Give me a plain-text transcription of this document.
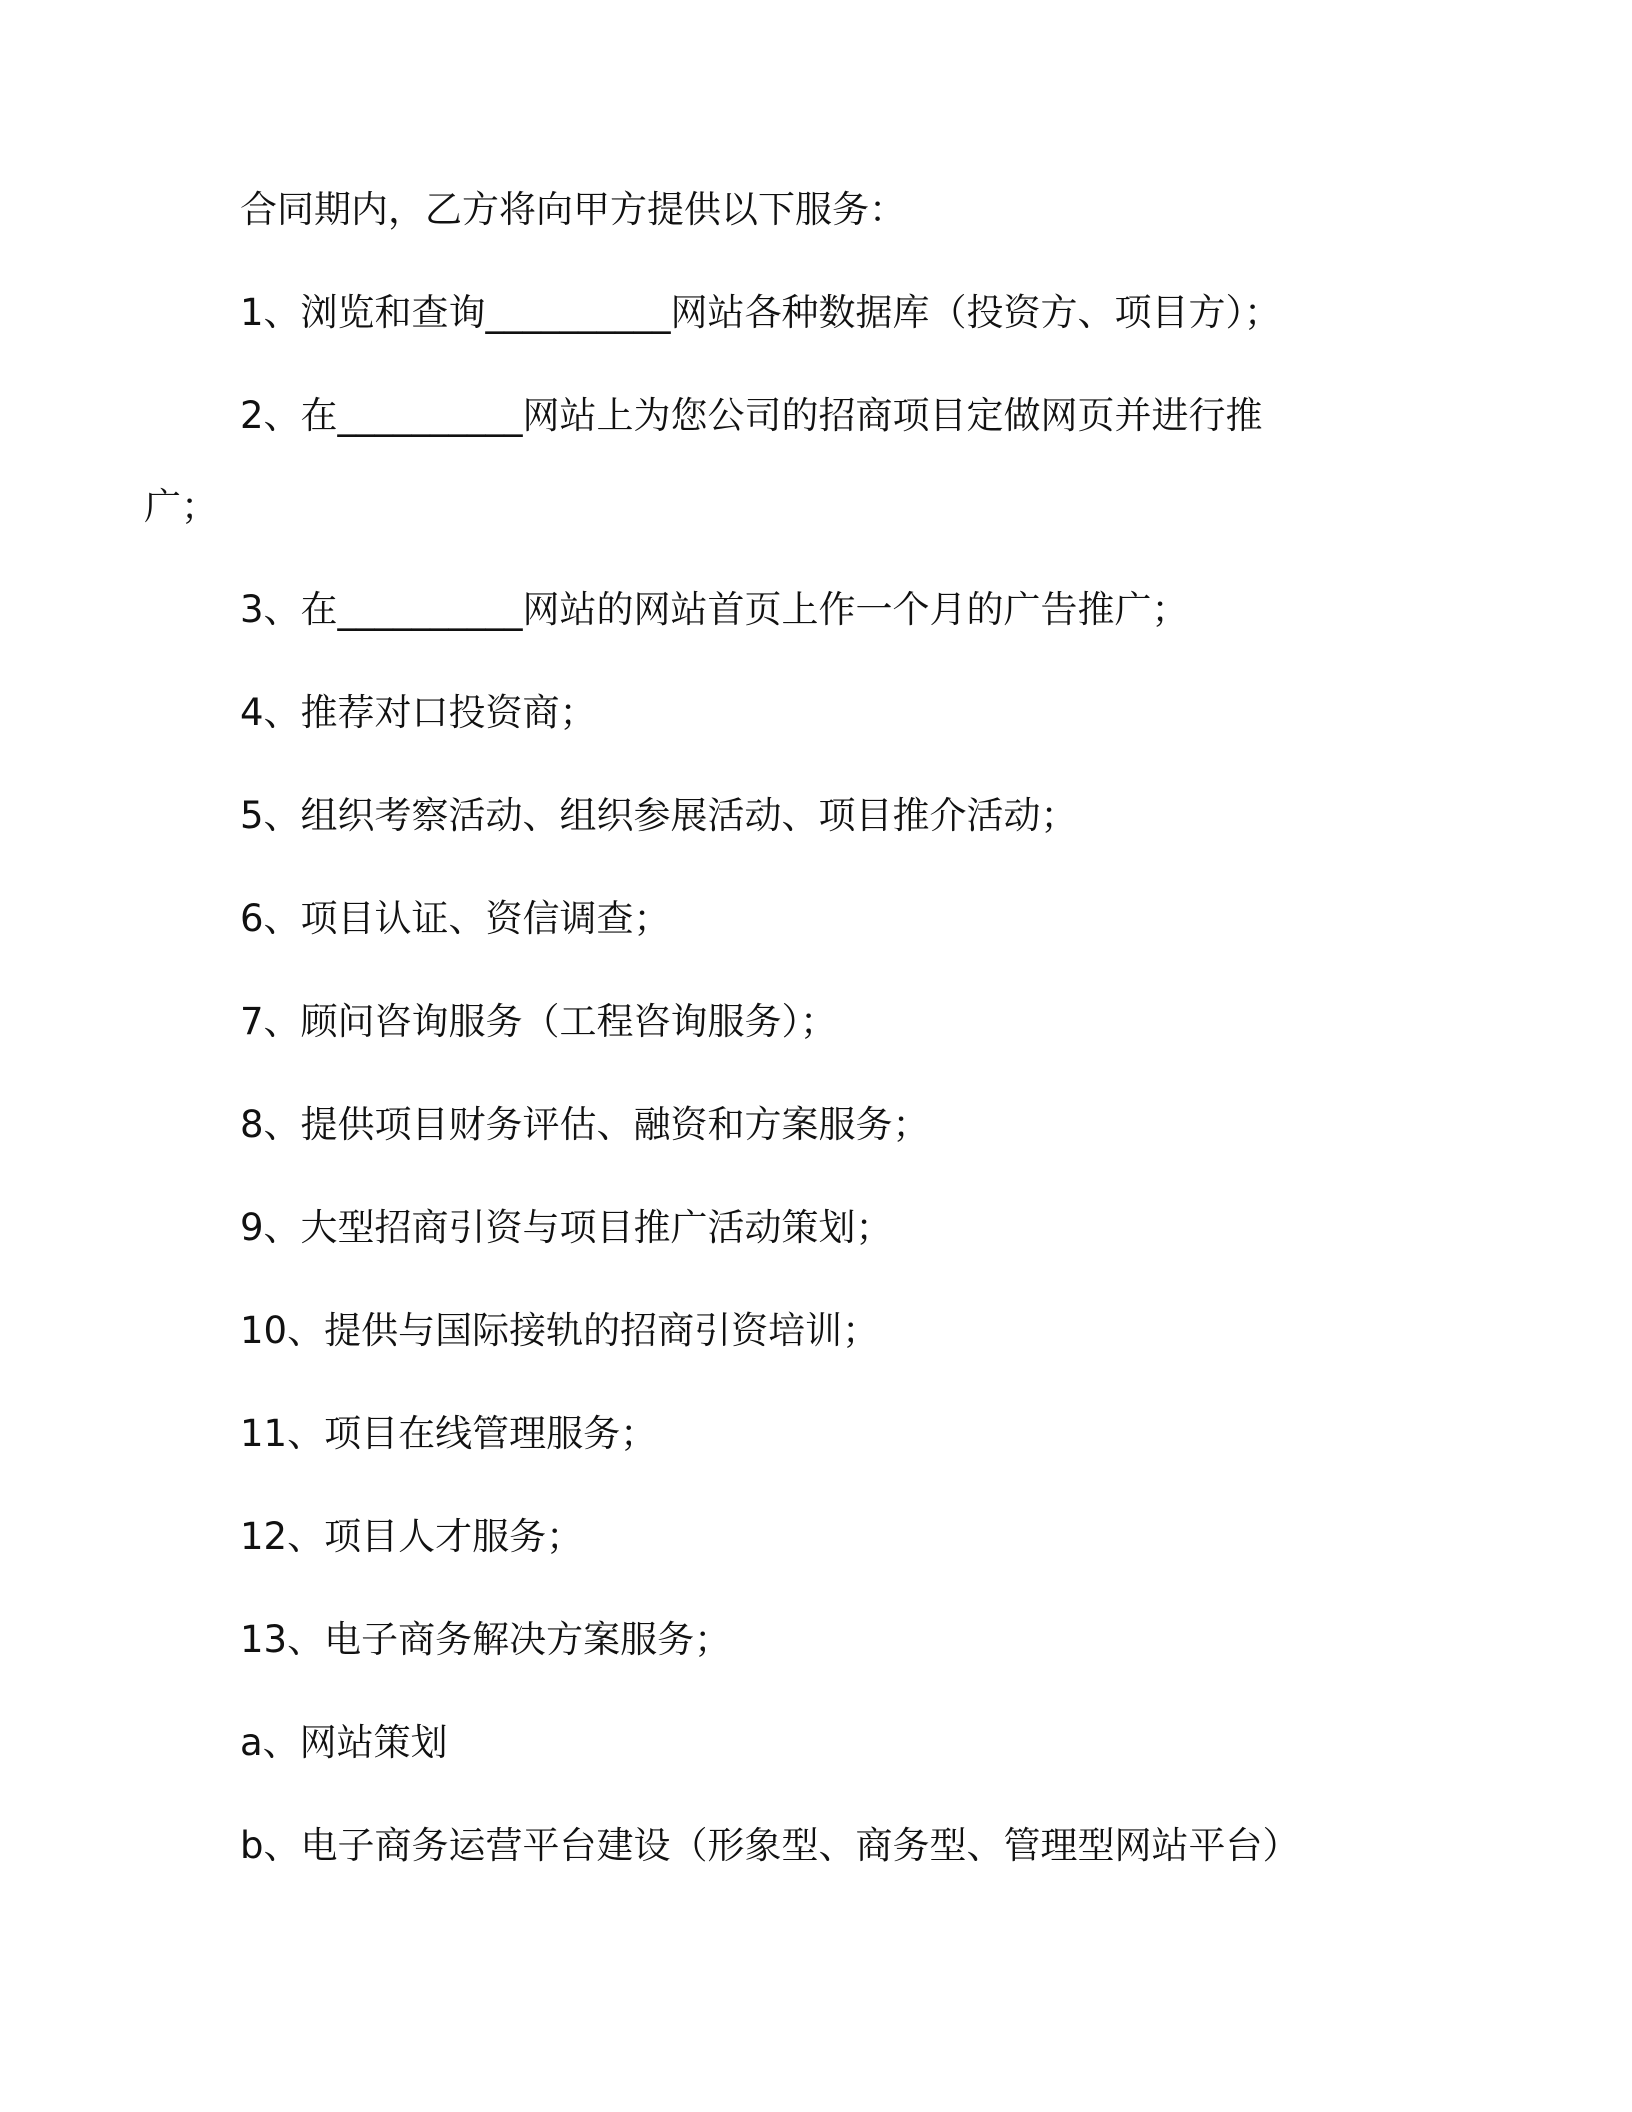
合同期内，乙方将向甲方提供以下服务：

1、浏览和查询__________网站各种数据库（投资方、项目方）；

2、在__________网站上为您公司的招商项目定做网页并进行推

广；

3、在__________网站的网站首页上作一个月的广告推广；

4、推荐对口投资商；

5、组织考察活动、组织参展活动、项目推介活动；

6、项目认证、资信调查；

7、顾问咨询服务（工程咨询服务）；

8、提供项目财务评估、融资和方案服务；

9、大型招商引资与项目推广活动策划；

10、提供与国际接轨的招商引资培训；

11、项目在线管理服务；

12、项目人才服务；

13、电子商务解决方案服务；

a、网站策划

b、电子商务运营平台建设（形象型、商务型、管理型网站平台）
